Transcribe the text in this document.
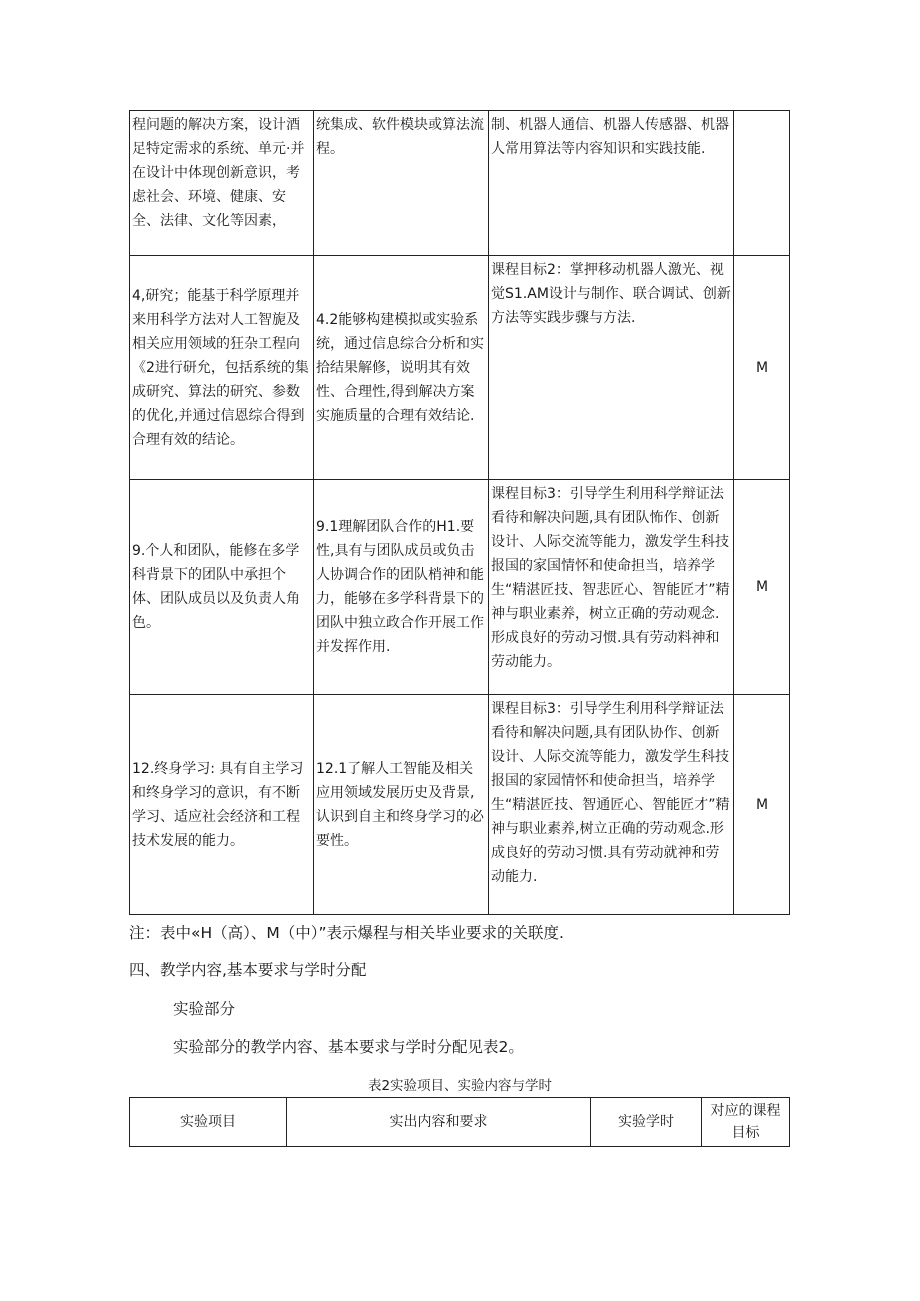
程问题的解决方案，设计酒足特定需求的系统、单元·并在设计中体现创新意识，考虑社会、环境、健康、安全、法律、文化等因素，	统集成、软件模块或算法流程。	制、机器人通信、机器人传感器、机器人常用算法等内容知识和实践技能.	
4,研究；能基于科学原理并来用科学方法对人工智旎及相关应用领域的狂杂工程向《2进行研允，包括系统的集成研究、算法的研究、参数的优化,并通过信恩综合得到合理有效的结论。	4.2能够构建模拟或实验系统，通过信息综合分析和实拾结果解修，说明其有效性、合理性,得到解决方案实施质量的合理有效结论.	课程目标2：掌押移动机器人激光、视觉S1.AM设计与制作、联合调试、创新方法等实践步骤与方法.	M
9.个人和团队，能修在多学科背景下的团队中承担个体、团队成员以及负责人角色。	9.1理解团队合作的H1.要性,具有与团队成员或负击人协调合作的团队梢神和能力，能够在多学科背景下的团队中独立政合作开展工作并发挥作用.	课程目标3：引导学生利用科学辩证法看待和解决问题,具有团队怖作、创新设计、人际交流等能力，激发学生科技报国的家国情怀和使命担当，培养学生“精湛匠技、智悲匠心、智能匠才”精神与职业素养，树立正确的劳动观念.形成良好的劳动习惯.具有劳动料神和劳动能力。	M
12.终身学习: 具有自主学习和终身学习的意识，有不断学习、适应社会经济和工程技术发展的能力。	12.1了解人工智能及相关应用领域发展历史及背景,认识到自主和终身学习的必要性。	课程目标3：引导学生利用科学辩证法看待和解决问题,具有团队协作、创新设计、人际交流等能力，激发学生科技报国的家园情怀和使命担当，培养学生“精湛匠技、智通匠心、智能匠才”精神与职业素养,树立正确的劳动观念.形成良好的劳动习惯.具有劳动就神和劳动能力.	M
注：表中«H（高）、M（中）”表示爆程与相关毕业要求的关联度.
四、教学内容,基本要求与学时分配
实验部分
实验部分的教学内容、基本要求与学时分配见表2。
表2实验项目、实验内容与学时
实验项目	实出内容和要求	实验学时	对应的课程目标
